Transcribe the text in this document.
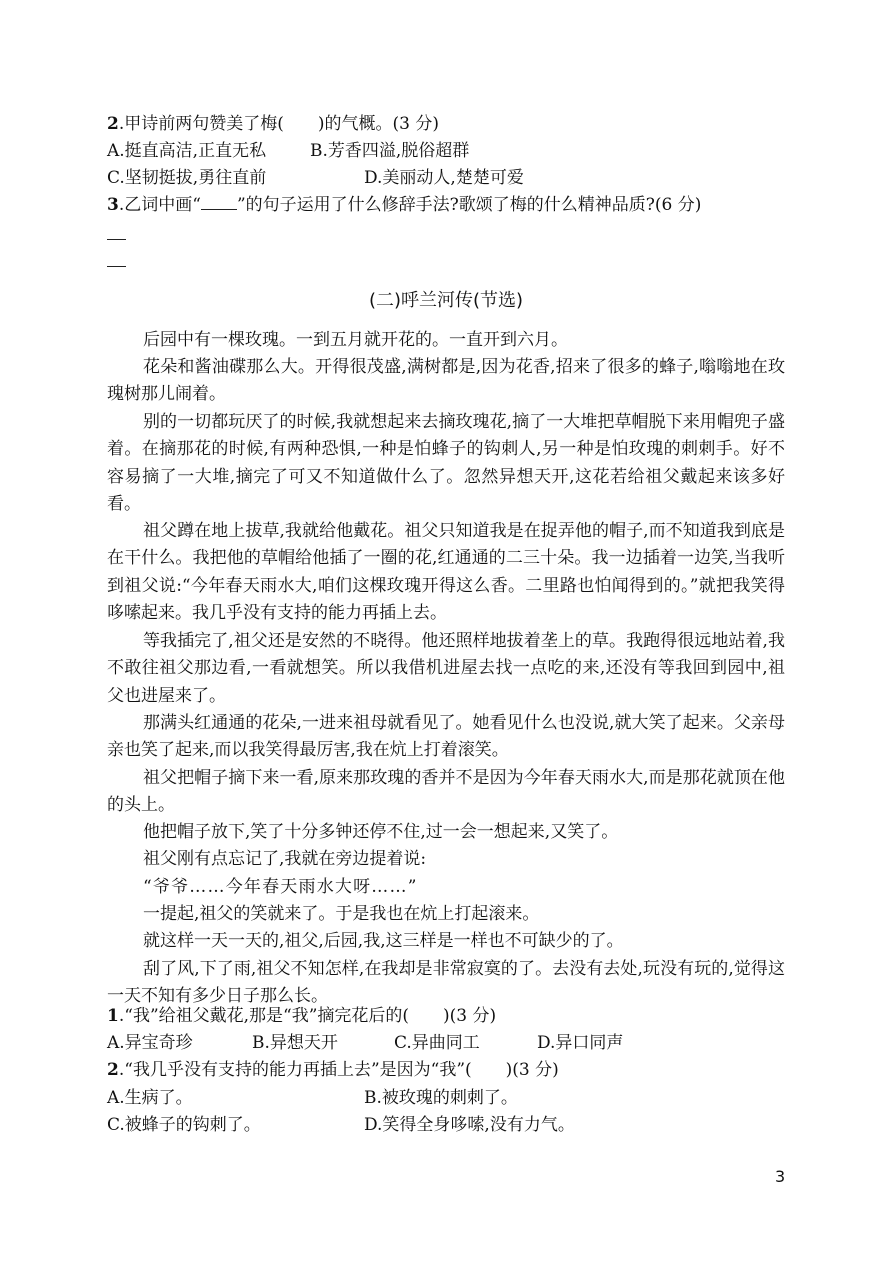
2.甲诗前两句赞美了梅(　　)的气概。(3 分)
A.挺直高洁,正直无私	B.芳香四溢,脱俗超群
C.坚韧挺拔,勇往直前	D.美丽动人,楚楚可爱
3.乙词中画“ ”的句子运用了什么修辞手法?歌颂了梅的什么精神品质?(6 分)
(二)呼兰河传(节选)

后园中有一棵玫瑰。一到五月就开花的。一直开到六月。

花朵和酱油碟那么大。开得很茂盛,满树都是,因为花香,招来了很多的蜂子,嗡嗡地在玫瑰树那儿闹着。

别的一切都玩厌了的时候,我就想起来去摘玫瑰花,摘了一大堆把草帽脱下来用帽兜子盛着。在摘那花的时候,有两种恐惧,一种是怕蜂子的钩刺人,另一种是怕玫瑰的刺刺手。好不容易摘了一大堆,摘完了可又不知道做什么了。忽然异想天开,这花若给祖父戴起来该多好看。

祖父蹲在地上拔草,我就给他戴花。祖父只知道我是在捉弄他的帽子,而不知道我到底是在干什么。我把他的草帽给他插了一圈的花,红通通的二三十朵。我一边插着一边笑,当我听到祖父说:“今年春天雨水大,咱们这棵玫瑰开得这么香。二里路也怕闻得到的。”就把我笑得哆嗦起来。我几乎没有支持的能力再插上去。

等我插完了,祖父还是安然的不晓得。他还照样地拔着垄上的草。我跑得很远地站着,我不敢往祖父那边看,一看就想笑。所以我借机进屋去找一点吃的来,还没有等我回到园中,祖父也进屋来了。

那满头红通通的花朵,一进来祖母就看见了。她看见什么也没说,就大笑了起来。父亲母亲也笑了起来,而以我笑得最厉害,我在炕上打着滚笑。

祖父把帽子摘下来一看,原来那玫瑰的香并不是因为今年春天雨水大,而是那花就顶在他的头上。

他把帽子放下,笑了十分多钟还停不住,过一会一想起来,又笑了。

祖父刚有点忘记了,我就在旁边提着说:

“爷爷……今年春天雨水大呀……”

一提起,祖父的笑就来了。于是我也在炕上打起滚来。

就这样一天一天的,祖父,后园,我,这三样是一样也不可缺少的了。

刮了风,下了雨,祖父不知怎样,在我却是非常寂寞的了。去没有去处,玩没有玩的,觉得这一天不知有多少日子那么长。

1.“我”给祖父戴花,那是“我”摘完花后的(　　)(3 分)
A.异宝奇珍	B.异想天开	C.异曲同工	D.异口同声
2.“我几乎没有支持的能力再插上去”是因为“我”(　　)(3 分)
A.生病了。	B.被玫瑰的刺刺了。
C.被蜂子的钩刺了。	D.笑得全身哆嗦,没有力气。
3
